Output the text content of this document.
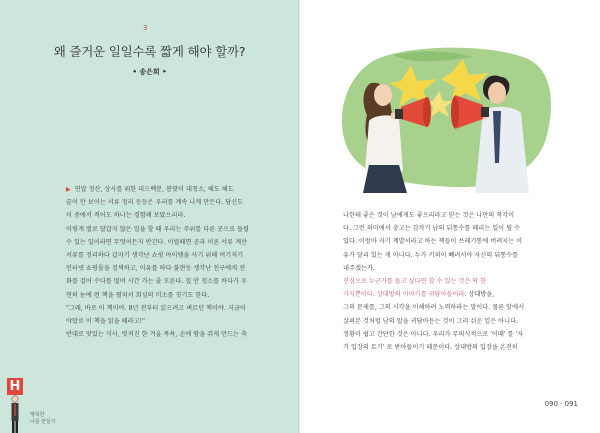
3
왜 즐거운 일일수록 짧게 해야 할까?
• 송은희 •

▶ 연말 정산, 상사를 위한 피드백문, 봄맞이 대청소, 해도 해도
끝이 안 보이는 서류 정리 등등은 우리를 계속 나게 만든다. 당신도
이 중에서 적어도 하나는 경험해 보았으리라.

이렇게 별로 달갑지 않은 일을 할 때 우리는 주위를 다른 곳으로 돌릴
수 있는 일이라면 무엇이든지 반긴다. 이럴때면 공과 이론 서류 계산
서류를 정리하다 갑자기 생각난 쇼핑 아이템을 사기 위해 여기저기
인터넷 쇼핑몰을 검색하고, 이유를 하다 불현듯 생각난 친구에게 전
화를 걸어 수다를 떨며 시간 가는 줄 모른다. 집 안 청소를 하다가 우
연히 눈에 띈 책을 펼쳐서 희심의 미소를 짓기도 한다.

"그래, 바로 이 책이야. 8년 전부터 읽으려고 벼르던 책이야. 지금이
야말로 이 책을 읽을 때라고!"

반대로 맛있는 식사, 멋져진 한 겨울 목욕, 손에 땀을 쥐게 만드는 축

H
행복한
나를 만들기
나한테 좋은 것이 남에게도 좋으리라고 믿는 것은 나만의 착각이
다. 그런 의미에서 충고는 감작기 남의 뒤통수를 때리는 일이 될 수
있다. 이럼마 자기 계발서라고 하는 책들이 쓰레기통에 버려지는 이
유가 달리 있는 게 아니다. 누가 키쳐이 빼려서야 자신의 뒤통수를
내주겠는가.
진심으로 누군가를 돕고 싶다면 할 수 있는 것은 딱 한
가지뿐이다. 상대방의 이야기를 귀담아들어라. 상대방을,
그의 문제를, 그의 시각을 이해하려 노력하라는 말이다. 물론 앞에서
살펴본 것처럼 남의 말을 귀담아듣는 것이 그리 쉬운 일은 아니다.
정황이 쉽고 간단한 것은 아니다. 우리가 무의식적으로 '이때' 를 '자
기 입장의 토기' 로 받아들이기 때문이다. 상대방의 입장을 온전히
090 · 091
